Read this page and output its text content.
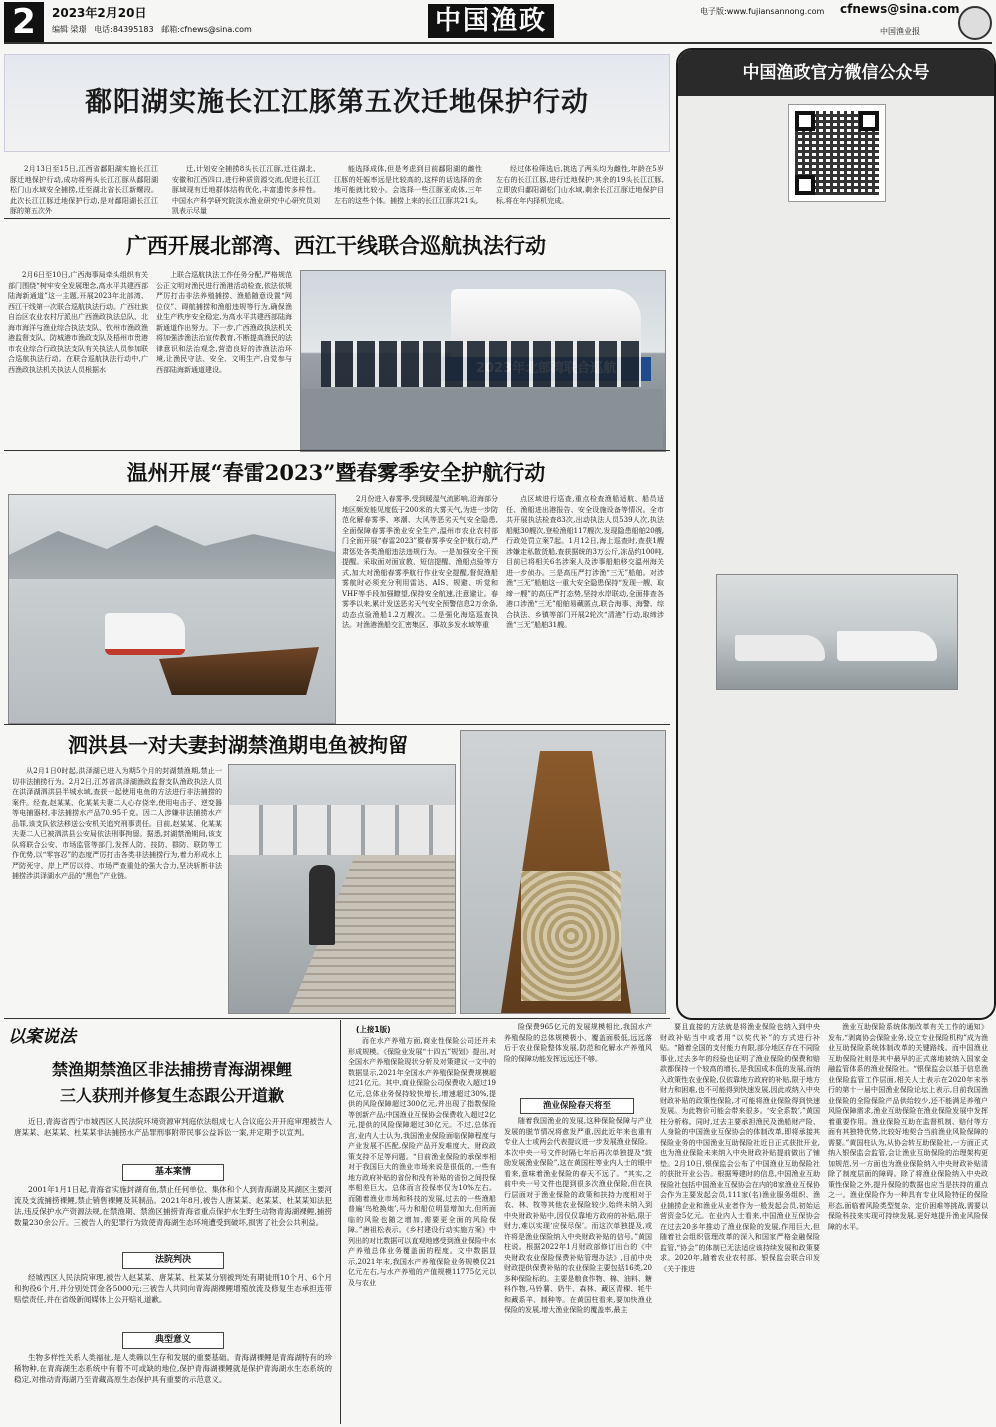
2	2023年2月20日
编辑 梁璟 电话:84395183 邮箱:cfnews@sina.com	中国渔政	电子版:www.fujiansannong.com cfnews@sina.com
中国渔业报
鄱阳湖实施长江江豚第五次迁地保护行动

2月13日至15日,江西省鄱阳湖实施长江江豚迁地保护行动,成功将两头长江江豚从鄱阳湖松门山水域安全捕捞,迁至湖北省长江新螺段。此次长江江豚迁地保护行动,是对鄱阳湖长江江豚的第五次外

迁,计划安全捕捞8头长江江豚,迁往湖北、安徽和江西四口,进行种质资源交流,促进长江江豚域现有迁地群体结构优化,丰富遗传多样性。中国水产科学研究院淡水渔业研究中心研究员刘凯表示尽量

能选择成体,但是考虑到目前鄱阳湖的雌性江豚的妊娠率远是比较高的,这样的话选择的余地可能就比较小。会选择一些江豚亚成体,三年左右的这些个体。捕捞上来的长江江豚共21头,

经过体检筛选后,挑选了两头均为雌性,年龄在5岁左右的长江江豚,进行迁地保护;其余的19头长江江豚,立即放归鄱阳湖松门山水域,剩余长江江豚迁地保护目标,将在年内择机完成。

广西开展北部湾、西江干线联合巡航执法行动

2月6日至10日,广西海事局牵头组织有关部门围绕“树牢安全发展理念,高水平共建西部陆海新通道”这一主题,开展2023年北部湾、西江干线第一次联合巡航执法行动。广西壮族自治区农业农村厅派出广西渔政执法总队、北海市海洋与渔业综合执法支队、钦州市渔政渔港监督支队、防城港市渔政支队及梧州市贵港市农业综合行政执法支队有关执法人员参加联合巡航执法行动。在联合巡航执法行动中,广西渔政执法机关执法人员根据水

上联合巡航执法工作任务分配,严格规范公正文明对渔民进行渔港活动检查,依法依规严厉打击非法养殖捕捞、渔船随意设置“网位仪”、碍航捕捞和渔船违规等行为,确保渔业生产秩序安全稳定,为高水平共建西部陆海新通道作出努力。下一步,广西渔政执法机关将加强涉渔法治宣传教育,不断提高渔民的法律意识和法治观念,营造良好的涉渔法治环境,让渔民守法、安全、文明生产,自觉参与西部陆海新通道建设。

温州开展“春雷2023”暨春雾季安全护航行动

2月份进入春雾季,受到暖湿气流影响,沿海部分地区频发能见度低于200米的大雾天气,为进一步防范化解春雾季、寒潮、大风等恶劣天气安全隐患,全面保障春雾季渔业安全生产,温州市农业农村部门全面开展“春雷2023”暨春雾季安全护航行动,严肃惩处各类渔船违法违规行为。一是加强安全干预提醒。采取面对面宣教、短信提醒、渔船点验等方式,加大对渔船春雾季航行作业安全提醒,督促渔船雾航时必须充分利用雷达、AIS、规避、听觉和VHF等手段加强瞭望,保持安全航速,注意避让。春雾季以来,累计发送恶劣天气安全预警信息2万余条,动态点验渔船1.2万艘次。二是强化海巡巡查执法。对渔港渔船交汇密集区、事故多发水域等重

点区域进行巡查,重点检查渔船适航、船员适任、渔船进出港报告、安全设施设备等情况。全市共开展执法检查83次,出动执法人员539人次,执法船艇30艘次,登检渔船117艘次,发现隐患船舶20艘,行政处罚立案7起。1月12日,海上巡查时,查获1艘涉嫌走私散货船,查获据统的3万公斤,冻品约100吨,目前已将相关6名涉案人及涉事船舶移交温州海关进一步侦办。三是高压严打涉渔“三无”船舶。对涉渔“三无”船舶这一重大安全隐患保持“发现一艘、取缔一艘”的高压严打态势,坚持水岸联动,全面排查各港口涉渔“三无”船舶易藏匿点,联合海事、海警、综合执法、乡镇等部门开展2轮次“清港”行动,取缔涉渔“三无”船舶31艘。

泗洪县一对夫妻封湖禁渔期电鱼被拘留

从2月1日0时起,洪泽湖已进入为期5个月的封湖禁渔期,禁止一切非法捕捞行为。2月2日,江苏省洪泽湖渔政监督支队渔政执法人员在洪泽湖泗洪县半城水域,查获一起使用电鱼的方法进行非法捕捞的案件。经查,赵某某、化某某夫妻二人心存侥幸,使用电击子、逆变器等电捕器材,非法捕捞水产品70.95千克。因二人涉嫌非法捕捞水产品罪,该支队依法移送公安机关追究刑事责任。目前,赵某某、化某某夫妻二人已被泗洪县公安局依法刑事拘留。据悉,封湖禁渔期间,该支队将联合公安、市场监管等部门,发挥人防、技防、群防、联防等工作优势,以“零容忍”的态度严厉打击各类非法捕捞行为,着力形成水上严防死守、岸上严厉以待、市场严查重处的强大合力,坚决斩断非法捕捞涉洪泽湖水产品的“黑色”产业链。

以案说法
禁渔期禁渔区非法捕捞青海湖裸鲤
三人获刑并修复生态跟公开道歉

近日,青海省西宁市城西区人民法院环境资源审判庭依法组成七人合议庭公开开庭审理被告人唐某某、赵某某、杜某某非法捕捞水产品罪刑事附带民事公益诉讼一案,并定期予以宣判。

基本案情

2001年1月1日起,青海省实施封湖育鱼,禁止任何单位、集体和个人到青海湖及其湖区主要河流及支流捕捞裸鲤,禁止销售裸鲤及其制品。2021年8月,被告人唐某某、赵某某、杜某某知法犯法,违反保护水产资源法规,在禁渔期、禁渔区捕捞青海省重点保护水生野生动物青海湖裸鲤,捕捞数量230余公斤。三被告人的犯罪行为致使青海湖生态环境遭受到破坏,损害了社会公共利益。

法院判决

经城西区人民法院审理,被告人赵某某、唐某某、杜某某分别被判处有期徒刑10个月、6个月和拘役6个月,并分别处罚金各5000元;三被告人共同向青海湖裸鲤增殖放流及修复生态承担连带赔偿责任,并在省级新闻媒体上公开赔礼道歉。

典型意义

生物多样性关系人类福祉,是人类赖以生存和发展的重要基础。青海湖裸鲤是青海湖特有的珍稀物种,在青海湖生态系统中有着不可或缺的地位,保护青海湖裸鲤就是保护青海湖水生态系统的稳定,对推动青海湖乃至青藏高原生态保护具有重要的示范意义。

(上接1版)

而在水产养殖方面,商业性保险公司还并未形成规模。《保险业发展“十四五”规划》提出,对全国水产养殖保险现状分析及对策建议一文中的数据显示,2021年全国水产养殖保险保费规模超过21亿元。其中,商业保险公司保费收入超过19亿元,总体业务保持较快增长,增速超过30%,提供的风险保障超过300亿元,并出现了指数保险等创新产品;中国渔业互保协会保费收入超过2亿元,提供的风险保障超过30亿元。不过,总体而言,业内人士认为,我国渔业保险面临保障程度与产业发展不匹配,保险产品开发难度大、财政政策支持不足等问题。“目前渔业保险的承保率相对于我国巨大的渔业市场来说是很低的,一些有地方政府补贴的省份和没有补贴的省份之间投保率相差巨大。总体而言投保率仅为10%左右。而随着渔业市场和科技的发展,过去的一些渔船普遍‘鸟枪换炮’,马力和船位明显增加大,但所面临的风险也随之增加,需要更全面的风险保障。”唐祖松表示。《乡村建设行动实施方案》中列出的对比数据可以直观地感受到渔业保险中水产养殖总体业务覆盖面的程度。文中数据显示,2021年末,我国水产养殖保险业务规模仅21亿元左右,与水产养殖的产值规模11775亿元以及与农业

险保费965亿元的发展规模相比,我国水产养殖保险的总体规模极小、覆盖面极低,远远落后于农业保险整体发展,防范和化解水产养殖风险的保障功能发挥远远还不够。

渔业保险春天将至

随着我国渔业的发展,这种保险保障与产业发展的脱节情况将愈发严重,因此近年来也重有专业人士或两会代表提议进一步发展渔业保险。本次中央一号文件时隔七年后再次单独提及“鼓励发展渔业保险”,这在黄国柱等业内人士的眼中看来,意味着渔业保险的春天不远了。“其实,之前中央一号文件也提到很多次渔业保险,但在执行层面对于渔业保险的政策和扶持力度相对于农、林、牧等其他农业保险较少,始终未纳入到中央财政补贴中,因仅仅靠地方政府的补贴,限于财力,难以实现‘应保尽保’。而这次单独提及,或许将是渔业保险纳入中央财政补贴的信号。”黄国柱说。根据2022年1月财政部修订出台的《中央财政农业保险保费补贴管理办法》,目前中央财政提供保费补贴的农业保险主要包括16类,20多种保险标的。主要是粮食作物、棉、油料、糖料作物,马铃薯、奶牛、森林、藏区青稞、牦牛和藏系羊、制种等。在黄国柱看来,要加快渔业保险的发展,增大渔业保险的覆盖率,最主

要且直接的方法就是将渔业保险也纳入到中央财政补贴当中或者用“以奖代补”的方式进行补贴。“随着全国的支付能力有限,部分地区存在不同险事业,过去多年的经验也证明了渔业保险的保费和赔款都保持一个较高的增长,是我国成本低的发展,而纳入政策性农业保险,仅依靠地方政府的补贴,限于地方财力和困难,也不可能得到快速发展,因此或纳入中央财政补贴的政策性保险,才可能将渔业保险得到快速发展。为此物价可能会带来很多。‘安全系数’,”黄国柱分析称。同时,过去主要承担渔民及渔船财产险、人身险的中国渔业互保协会的体制改革,即将承接其保险业务的中国渔业互助保险社近日正式获批开业,也为渔业保险未来纳入中央财政补贴提前做出了铺垫。2月10日,银保监会公布了中国渔业互助保险社的获批开业公告。根据筹建时的信息,中国渔业互助保险社包括中国渔业互保协会在内的8家渔业互保协会作为主要发起会员,111家(名)渔业服务组织、渔业捕捞企业和渔业从业者作为一般发起会员,初始运营资金5亿元。在业内人士看来,中国渔业互保协会在过去20多年推动了渔业保险的发展,作用巨大,但随着社会组织管理改革的深入和国家严格金融保险监管,“协会”的体制已无法适应该持续发展和政策要求。2020年,随着农业农村部、银保监会联合印发《关于推进

渔业互助保险系统体制改革有关工作的通知》发布,“剥离协会保险业务,设立专业保险机构”成为渔业互助保险系统体制改革的关键路线。而中国渔业互助保险社则是其中最早的正式落地被纳入国家金融监管体系的渔业保险社。“银保监会以基于信息渔业保险监管工作层面,相关人士表示在2020年末举行的第十一届中国渔业保险论坛上表示,目前我国渔业保险的全险保险产品供给较少,还不能满足养殖户风险保障需求,渔业互助保险在渔业保险发展中发挥着重要作用。渔业保险互助在监督机制、赔付等方面有其独特优势,比较好地契合当前渔业风险保障的需要。”黄国柱认为,从协会转互助保险社,一方面正式纳入银保监会监管,会让渔业互助保险的治理架构更加规范,另一方面也为渔业保险纳入中央财政补贴清除了制度层面的障碍。除了将渔业保险纳入中央政策性保险之外,提升保险的数据也应当是扶持的重点之一。渔业保险作为一种具有专业风险特征的保险形态,面临着风险类型复杂、定价困难等挑战,需要以保险科技来实现可持续发展,更好地提升渔业风险保障的水平。

中国渔政官方微信公众号
